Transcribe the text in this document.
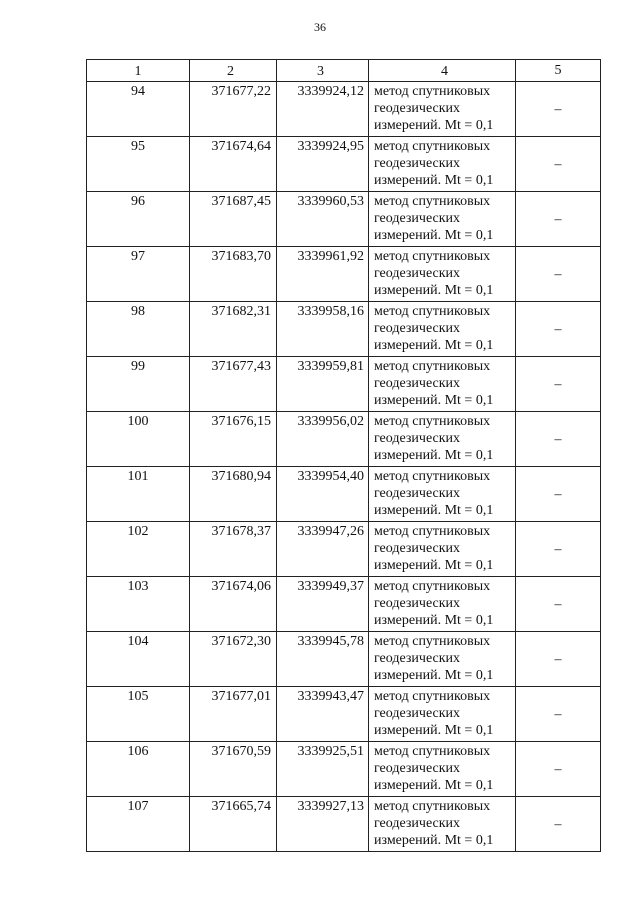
36
1	2	3	4	5
94	371677,22	3339924,12	метод спутниковых
геодезических
измерений. Mt = 0,1	–
95	371674,64	3339924,95	метод спутниковых
геодезических
измерений. Mt = 0,1	–
96	371687,45	3339960,53	метод спутниковых
геодезических
измерений. Mt = 0,1	–
97	371683,70	3339961,92	метод спутниковых
геодезических
измерений. Mt = 0,1	–
98	371682,31	3339958,16	метод спутниковых
геодезических
измерений. Mt = 0,1	–
99	371677,43	3339959,81	метод спутниковых
геодезических
измерений. Mt = 0,1	–
100	371676,15	3339956,02	метод спутниковых
геодезических
измерений. Mt = 0,1	–
101	371680,94	3339954,40	метод спутниковых
геодезических
измерений. Mt = 0,1	–
102	371678,37	3339947,26	метод спутниковых
геодезических
измерений. Mt = 0,1	–
103	371674,06	3339949,37	метод спутниковых
геодезических
измерений. Mt = 0,1	–
104	371672,30	3339945,78	метод спутниковых
геодезических
измерений. Mt = 0,1	–
105	371677,01	3339943,47	метод спутниковых
геодезических
измерений. Mt = 0,1	–
106	371670,59	3339925,51	метод спутниковых
геодезических
измерений. Mt = 0,1	–
107	371665,74	3339927,13	метод спутниковых
геодезических
измерений. Mt = 0,1	–
